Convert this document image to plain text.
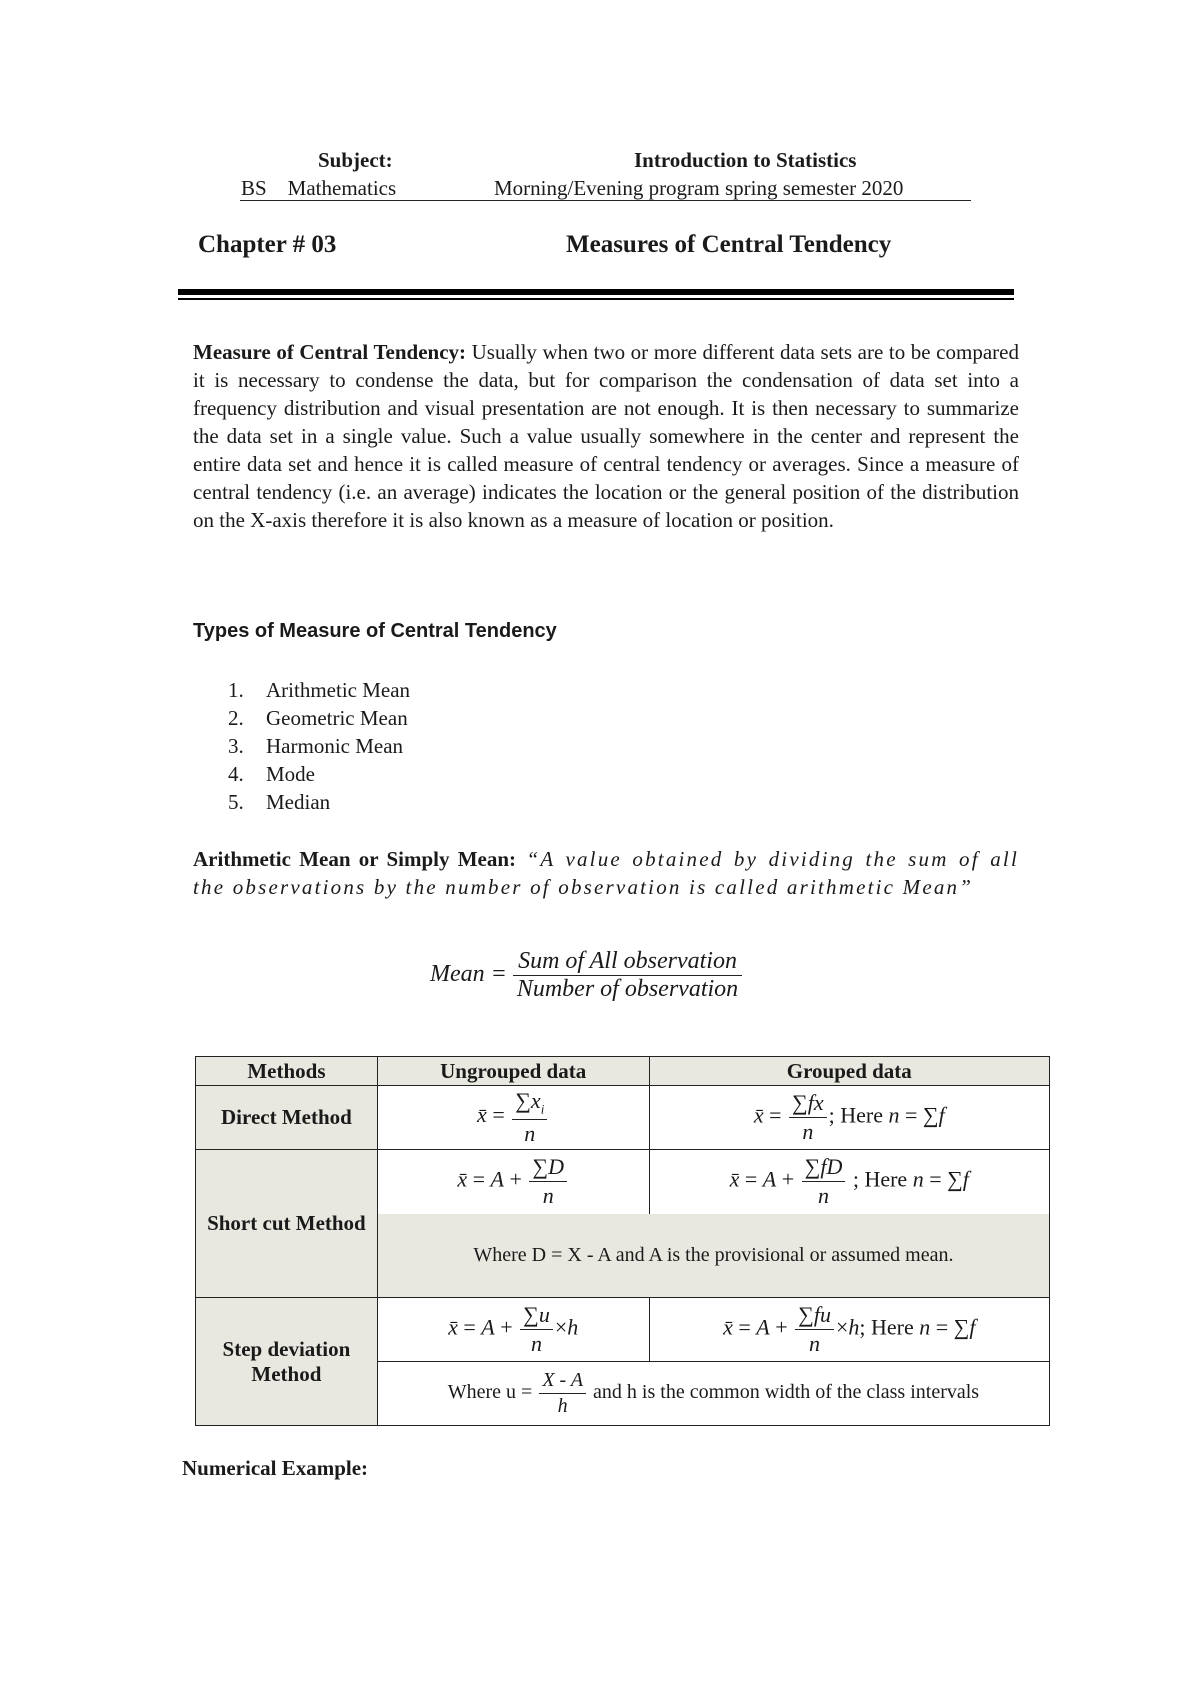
Subject:	Introduction to Statistics
BS    Mathematics	Morning/Evening program spring semester 2020
Chapter # 03	Measures of Central Tendency
Measure of Central Tendency: Usually when two or more different data sets are to be compared it is necessary to condense the data, but for comparison the condensation of data set into a frequency distribution and visual presentation are not enough. It is then necessary to summarize the data set in a single value. Such a value usually somewhere in the center and represent the entire data set and hence it is called measure of central tendency or averages. Since a measure of central tendency (i.e. an average) indicates the location or the general position of the distribution on the X-axis therefore it is also known as a measure of location or position.
Types of Measure of Central Tendency
1.	Arithmetic Mean
2.	Geometric Mean
3.	Harmonic Mean
4.	Mode
5.	Median
Arithmetic Mean or Simply Mean: “A value obtained by dividing the sum of all the observations by the number of observation is called arithmetic Mean”
Mean = $\frac{\text{Sum of All observation}}{\text{Number of observation}}$
Methods	Ungrouped data	Grouped data
Direct Method	x̄ = $\frac{\sum x_i}{n}$	x̄ = $\frac{\sum fx}{n}$ ; Here n = ∑f
Short cut Method	x̄ = $A + \frac{\sum D}{n}$	x̄ = $A + \frac{\sum fD}{n}$ ; Here n = ∑f
	Where D = X - A and A is the provisional or assumed mean.	
Step deviation Method	x̄ = $A + \frac{\sum u}{n} \times h$	x̄ = $A + \frac{\sum fu}{n} \times h$; Here n = ∑f
	Where $u = \frac{X - A}{h}$ and h is the common width of the class intervals	
Numerical Example:
